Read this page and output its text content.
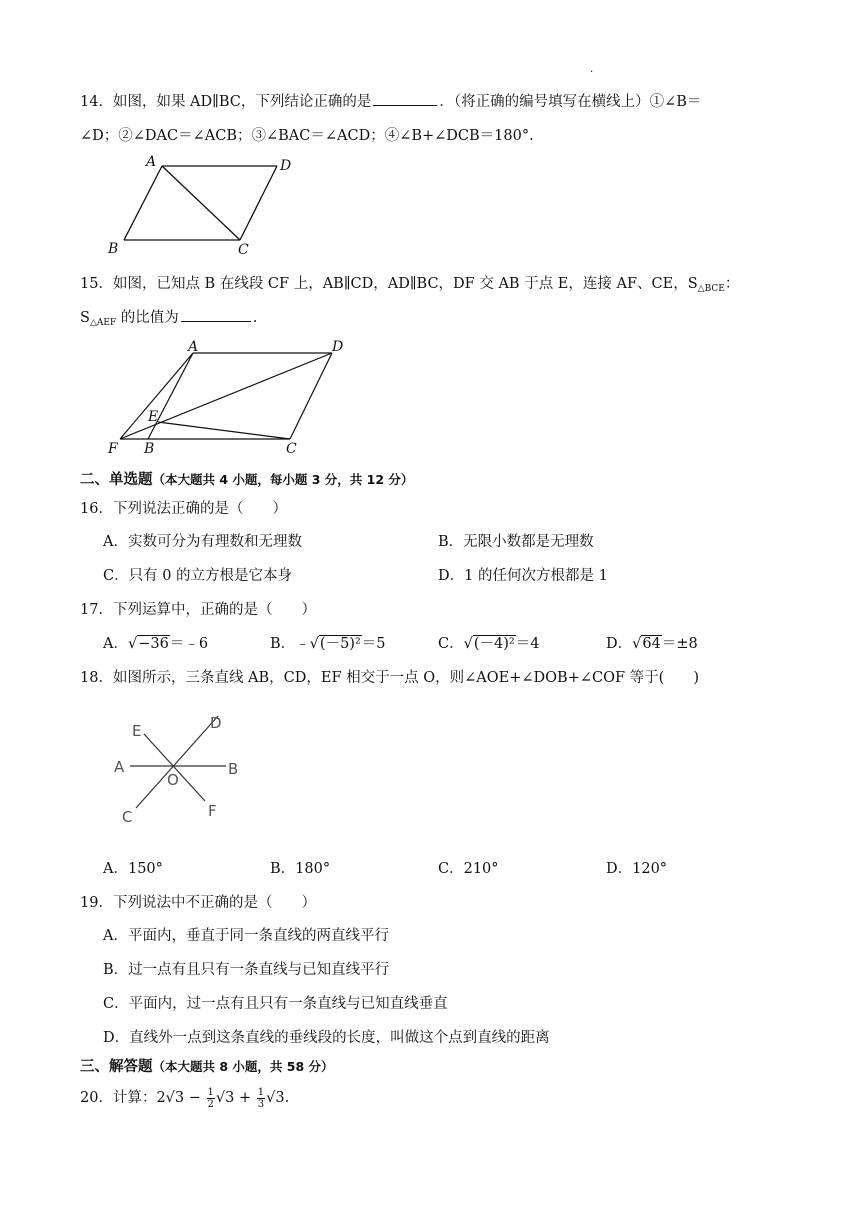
.
14．如图，如果 AD∥BC，下列结论正确的是	．（将正确的编号填写在横线上）①∠B＝
∠D；②∠DAC＝∠ACB；③∠BAC＝∠ACD；④∠B+∠DCB＝180°.
A	D
B	C
15．如图，已知点 B 在线段 CF 上，AB∥CD，AD∥BC，DF 交 AB 于点 E，连接 AF、CE，$S_{\triangle BCE}$：
$S_{\triangle AEF}$ 的比值为	.
A	D
E
F B	C
二、单选题（本大题共 4 小题，每小题 3 分，共 12 分）
16．下列说法正确的是（　　）
A．实数可分为有理数和无理数	B．无限小数都是无理数
C．只有 0 的立方根是它本身	D．1 的任何次方根都是 1
17．下列运算中，正确的是（　　）
A．√−36＝﹣6	B．﹣√(－5)²＝5	C．√(－4)²＝4	D．√64＝±8
18．如图所示，三条直线 AB，CD，EF 相交于一点 O，则∠AOE+∠DOB+∠COF 等于(　　)
A	B
C
D
E
F
O
A．150°	B．180°	C．210°	D．120°
19．下列说法中不正确的是（　　）
A．平面内，垂直于同一条直线的两直线平行
B．过一点有且只有一条直线与已知直线平行
C．平面内，过一点有且只有一条直线与已知直线垂直
D．直线外一点到这条直线的垂线段的长度，叫做这个点到直线的距离
三、解答题（本大题共 8 小题，共 58 分）
20．计算：$2√3 - \frac{1}{2} √3 + \frac{1}{3} √3$.
